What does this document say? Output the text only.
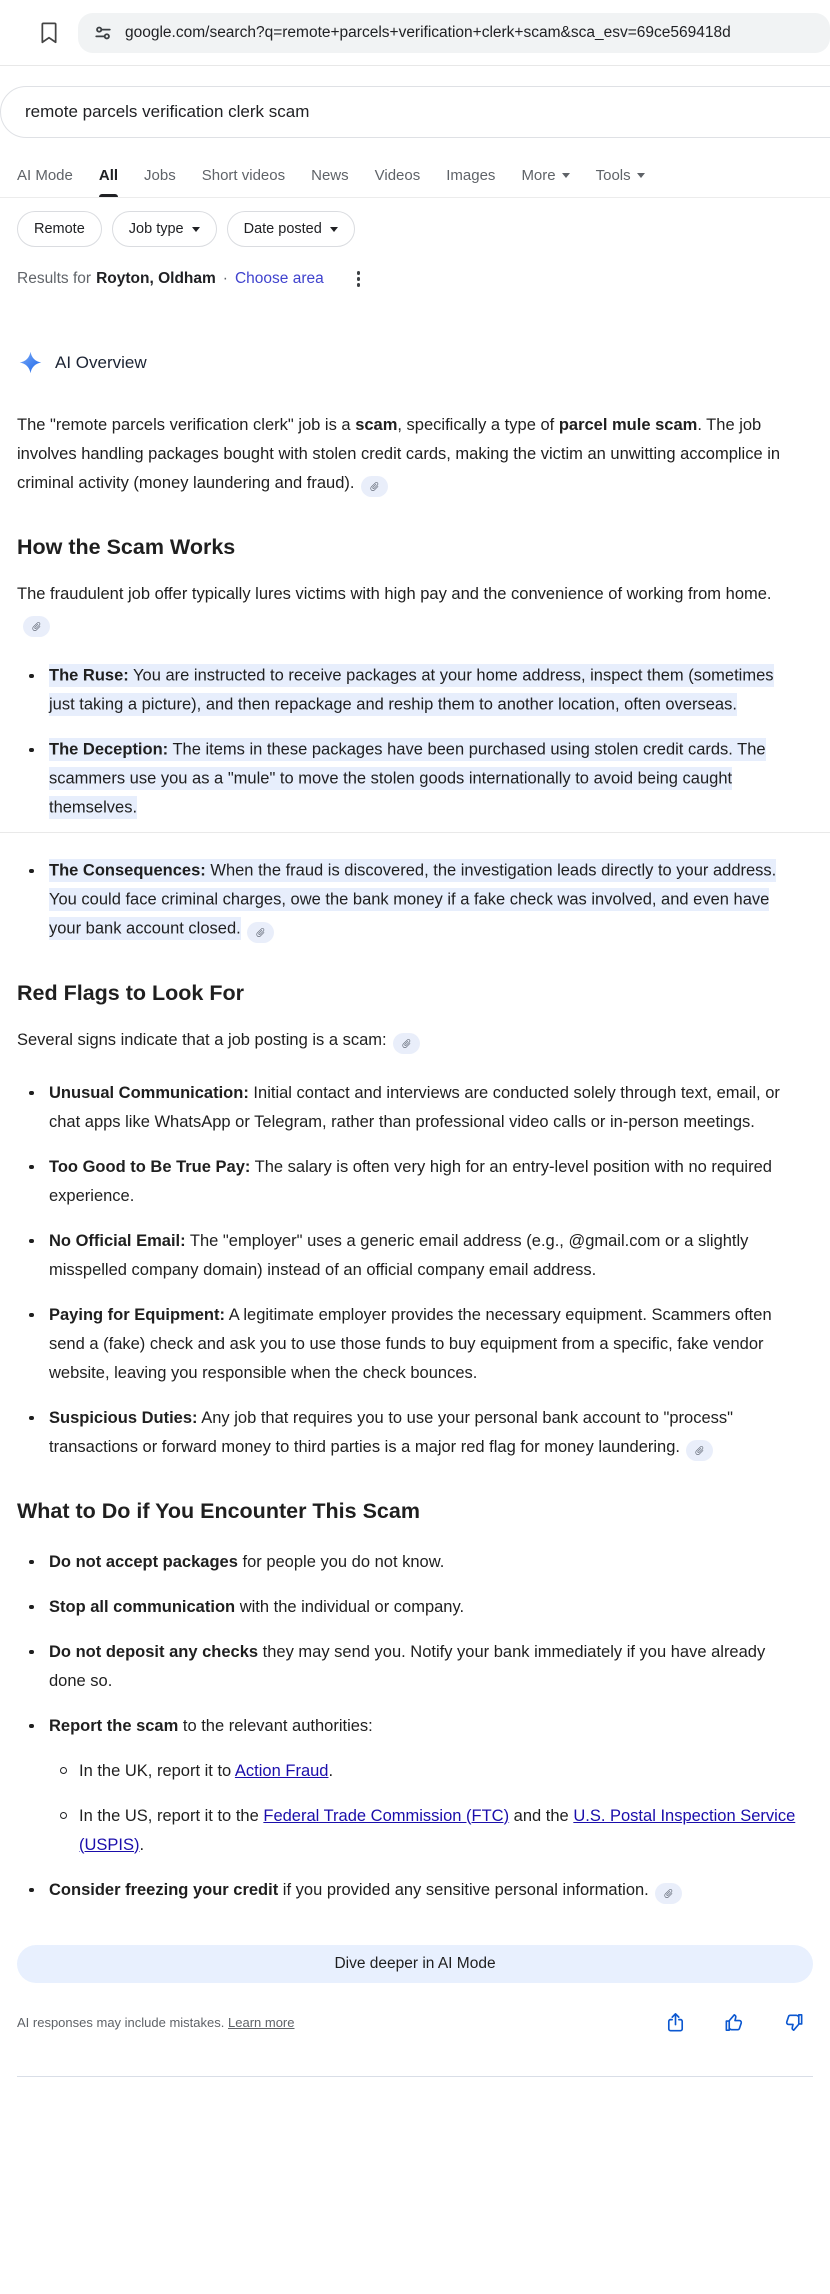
google.com/search?q=remote+parcels+verification+clerk+scam&sca_esv=69ce569418d
remote parcels verification clerk scam
AI Mode All Jobs Short videos News Videos Images More	Tools
Remote	Job type	Date posted
Results for Royton, Oldham · Choose area
AI Overview

The "remote parcels verification clerk" job is a scam, specifically a type of parcel mule scam. The job involves handling packages bought with stolen credit cards, making the victim an unwitting accomplice in criminal activity (money laundering and fraud).

How the Scam Works

The fraudulent job offer typically lures victims with high pay and the convenience of working from home.

The Ruse: You are instructed to receive packages at your home address, inspect them (sometimes just taking a picture), and then repackage and reship them to another location, often overseas.
The Deception: The items in these packages have been purchased using stolen credit cards. The scammers use you as a "mule" to move the stolen goods internationally to avoid being caught themselves.
The Consequences: When the fraud is discovered, the investigation leads directly to your address. You could face criminal charges, owe the bank money if a fake check was involved, and even have your bank account closed.
Red Flags to Look For

Several signs indicate that a job posting is a scam:

Unusual Communication: Initial contact and interviews are conducted solely through text, email, or chat apps like WhatsApp or Telegram, rather than professional video calls or in-person meetings.
Too Good to Be True Pay: The salary is often very high for an entry-level position with no required experience.
No Official Email: The "employer" uses a generic email address (e.g., @gmail.com or a slightly misspelled company domain) instead of an official company email address.
Paying for Equipment: A legitimate employer provides the necessary equipment. Scammers often send a (fake) check and ask you to use those funds to buy equipment from a specific, fake vendor website, leaving you responsible when the check bounces.
Suspicious Duties: Any job that requires you to use your personal bank account to "process" transactions or forward money to third parties is a major red flag for money laundering.
What to Do if You Encounter This Scam
Do not accept packages for people you do not know.
Stop all communication with the individual or company.
Do not deposit any checks they may send you. Notify your bank immediately if you have already done so.
Report the scam to the relevant authorities:
In the UK, report it to Action Fraud.
In the US, report it to the Federal Trade Commission (FTC) and the U.S. Postal Inspection Service (USPIS).
Consider freezing your credit if you provided any sensitive personal information.
Dive deeper in AI Mode
AI responses may include mistakes. Learn more
